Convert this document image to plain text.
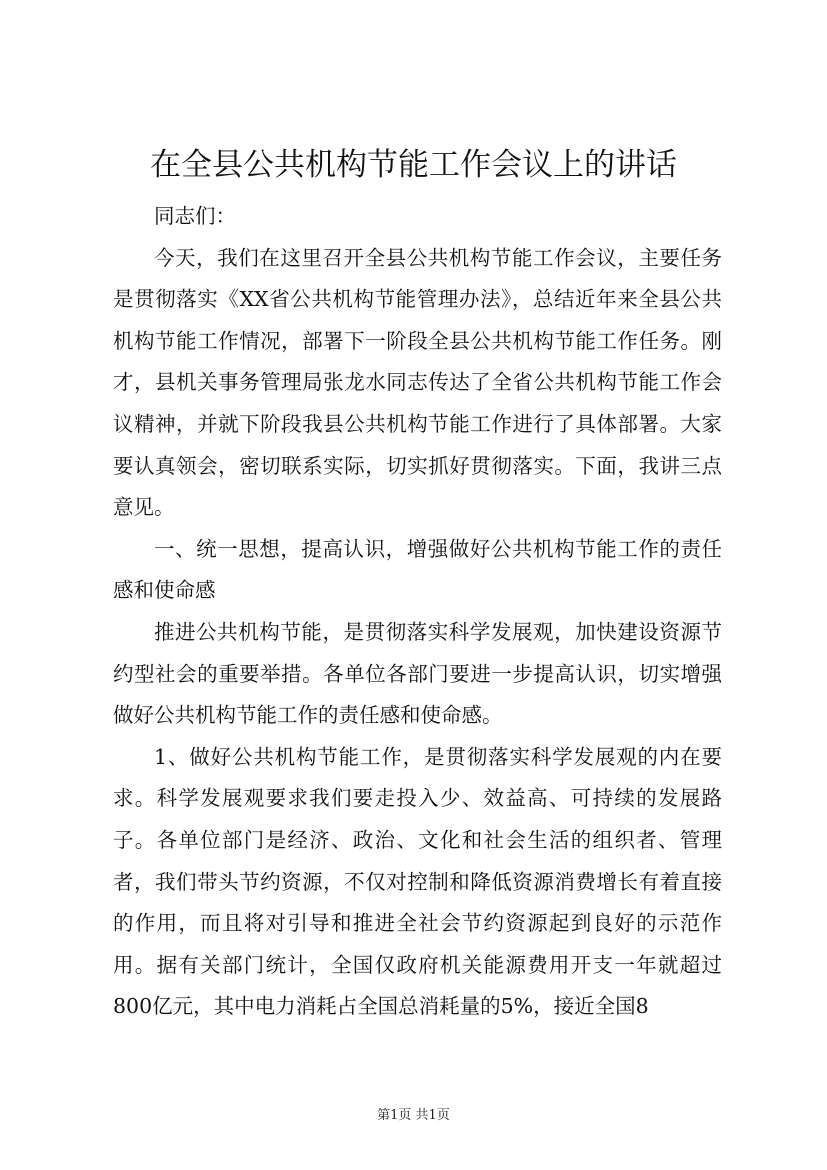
在全县公共机构节能工作会议上的讲话

同志们：

今天，我们在这里召开全县公共机构节能工作会议，主要任务是贯彻落实《XX省公共机构节能管理办法》，总结近年来全县公共机构节能工作情况，部署下一阶段全县公共机构节能工作任务。刚才，县机关事务管理局张龙水同志传达了全省公共机构节能工作会议精神，并就下阶段我县公共机构节能工作进行了具体部署。大家要认真领会，密切联系实际，切实抓好贯彻落实。下面，我讲三点意见。

一、统一思想，提高认识，增强做好公共机构节能工作的责任感和使命感

推进公共机构节能，是贯彻落实科学发展观，加快建设资源节约型社会的重要举措。各单位各部门要进一步提高认识，切实增强做好公共机构节能工作的责任感和使命感。

1、做好公共机构节能工作，是贯彻落实科学发展观的内在要求。科学发展观要求我们要走投入少、效益高、可持续的发展路子。各单位部门是经济、政治、文化和社会生活的组织者、管理者，我们带头节约资源，不仅对控制和降低资源消费增长有着直接的作用，而且将对引导和推进全社会节约资源起到良好的示范作用。据有关部门统计，全国仅政府机关能源费用开支一年就超过800亿元，其中电力消耗占全国总消耗量的5%，接近全国8

第1页 共1页
